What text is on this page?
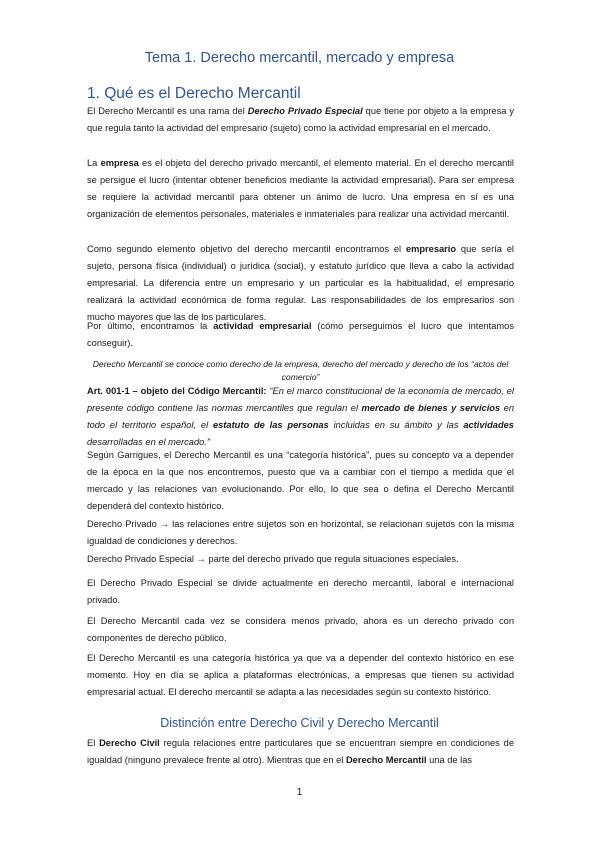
Tema 1. Derecho mercantil, mercado y empresa
1. Qué es el Derecho Mercantil

El Derecho Mercantil es una rama del Derecho Privado Especial que tiene por objeto a la empresa y que regula tanto la actividad del empresario (sujeto) como la actividad empresarial en el mercado.

La empresa es el objeto del derecho privado mercantil, el elemento material. En el derecho mercantil se persigue el lucro (intentar obtener beneficios mediante la actividad empresarial). Para ser empresa se requiere la actividad mercantil para obtener un ánimo de lucro. Una empresa en sí es una organización de elementos personales, materiales e inmateriales para realizar una actividad mercantil.

Como segundo elemento objetivo del derecho mercantil encontramos el empresario que sería el sujeto, persona física (individual) o jurídica (social), y estatuto jurídico que lleva a cabo la actividad empresarial. La diferencia entre un empresario y un particular es la habitualidad, el empresario realizará la actividad económica de forma regular. Las responsabilidades de los empresarios son mucho mayores que las de los particulares.

Por último, encontramos la actividad empresarial (cómo perseguimos el lucro que intentamos conseguir).

Derecho Mercantil se conoce como derecho de la empresa, derecho del mercado y derecho de los “actos del comercio”

Art. 001-1 – objeto del Código Mercantil: “En el marco constitucional de la economía de mercado, el presente código contiene las normas mercantiles que regulan el mercado de bienes y servicios en todo el territorio español, el estatuto de las personas incluidas en su ámbito y las actividades desarrolladas en el mercado.”

Según Garrigues, el Derecho Mercantil es una “categoría histórica”, pues su concepto va a depender de la época en la que nos encontremos, puesto que va a cambiar con el tiempo a medida que el mercado y las relaciones van evolucionando. Por ello, lo que sea o defina el Derecho Mercantil dependerá del contexto histórico.

Derecho Privado → las relaciones entre sujetos son en horizontal, se relacionan sujetos con la misma igualdad de condiciones y derechos.

Derecho Privado Especial → parte del derecho privado que regula situaciones especiales.

El Derecho Privado Especial se divide actualmente en derecho mercantil, laboral e internacional privado.

El Derecho Mercantil cada vez se considera menos privado, ahora es un derecho privado con componentes de derecho público.

El Derecho Mercantil es una categoría histórica ya que va a depender del contexto histórico en ese momento. Hoy en día se aplica a plataformas electrónicas, a empresas que tienen su actividad empresarial actual. El derecho mercantil se adapta a las necesidades según su contexto histórico.

Distinción entre Derecho Civil y Derecho Mercantil

El Derecho Civil regula relaciones entre particulares que se encuentran siempre en condiciones de igualdad (ninguno prevalece frente al otro). Mientras que en el Derecho Mercantil una de las

1
